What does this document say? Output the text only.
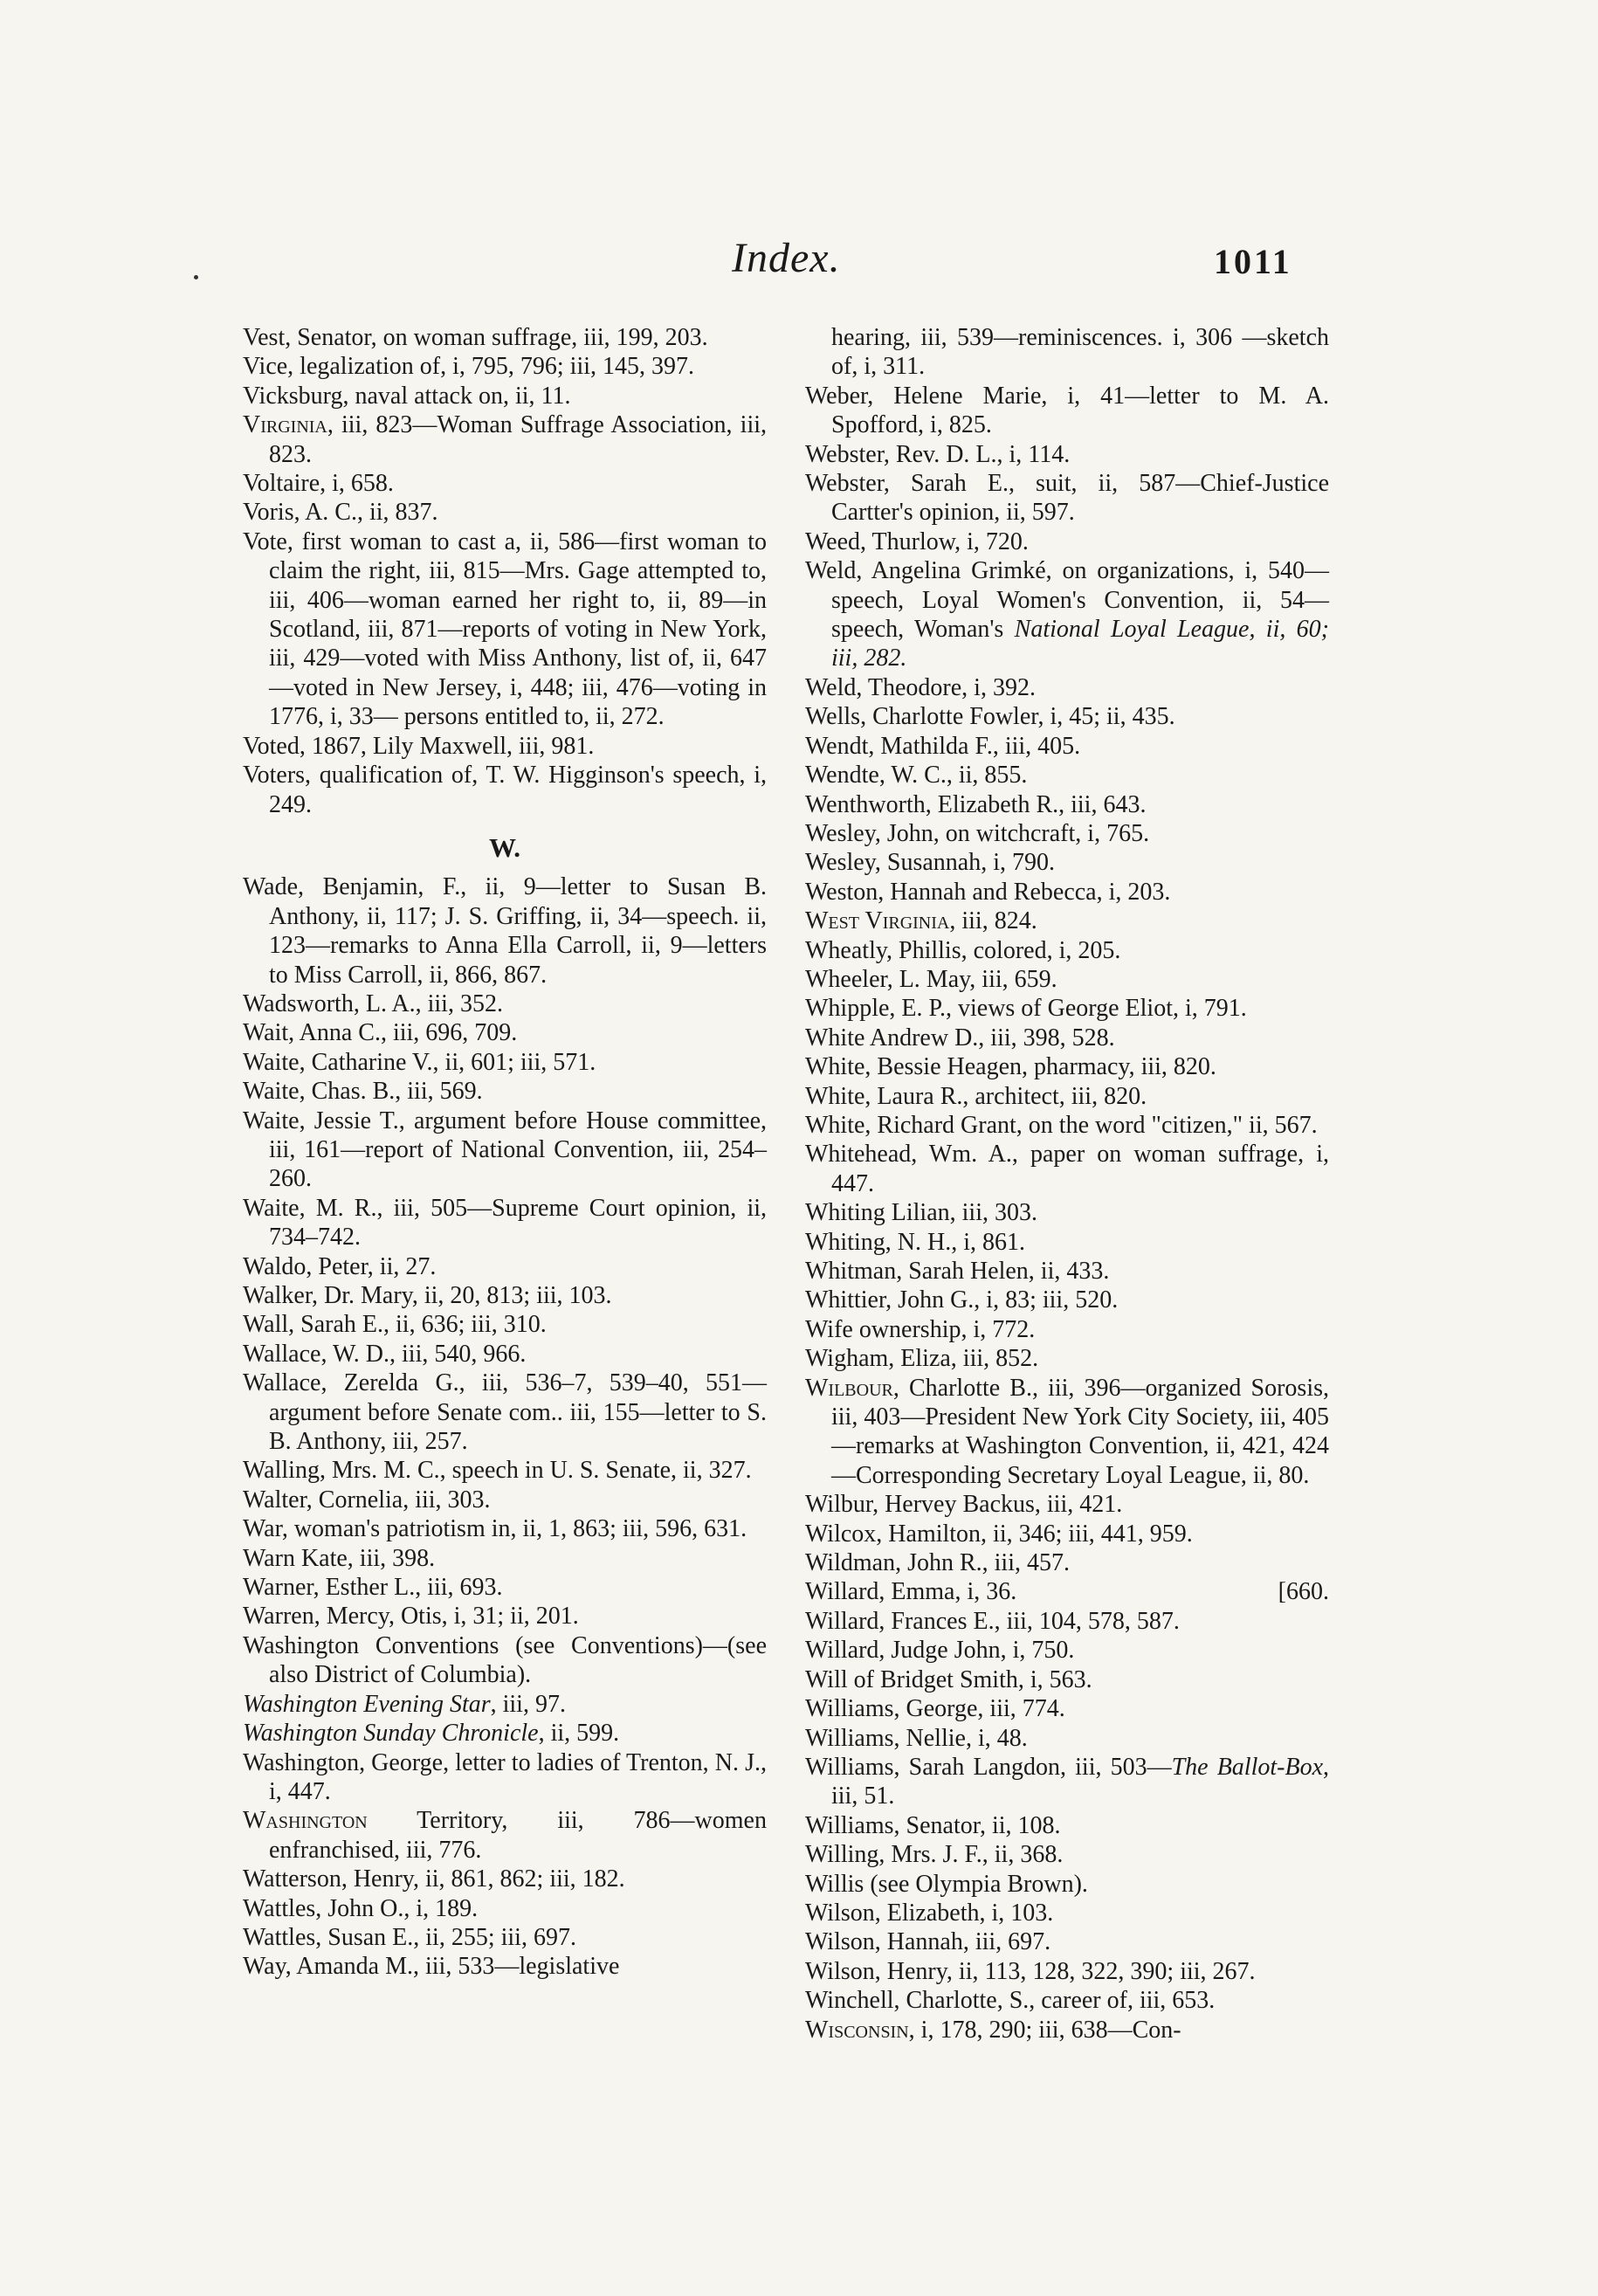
Index.	1011

Vest, Senator, on woman suffrage, iii, 199, 203.

Vice, legalization of, i, 795, 796; iii, 145, 397.

Vicksburg, naval attack on, ii, 11.

Virginia, iii, 823—Woman Suffrage Association, iii, 823.

Voltaire, i, 658.

Voris, A. C., ii, 837.

Vote, first woman to cast a, ii, 586—first woman to claim the right, iii, 815—Mrs. Gage attempted to, iii, 406—woman earned her right to, ii, 89—in Scotland, iii, 871—reports of voting in New York, iii, 429—voted with Miss Anthony, list of, ii, 647—voted in New Jersey, i, 448; iii, 476—voting in 1776, i, 33— persons entitled to, ii, 272.

Voted, 1867, Lily Maxwell, iii, 981.

Voters, qualification of, T. W. Higginson's speech, i, 249.

W.

Wade, Benjamin, F., ii, 9—letter to Susan B. Anthony, ii, 117; J. S. Griffing, ii, 34—speech. ii, 123—remarks to Anna Ella Carroll, ii, 9—letters to Miss Carroll, ii, 866, 867.

Wadsworth, L. A., iii, 352.

Wait, Anna C., iii, 696, 709.

Waite, Catharine V., ii, 601; iii, 571.

Waite, Chas. B., iii, 569.

Waite, Jessie T., argument before House committee, iii, 161—report of National Convention, iii, 254–260.

Waite, M. R., iii, 505—Supreme Court opinion, ii, 734–742.

Waldo, Peter, ii, 27.

Walker, Dr. Mary, ii, 20, 813; iii, 103.

Wall, Sarah E., ii, 636; iii, 310.

Wallace, W. D., iii, 540, 966.

Wallace, Zerelda G., iii, 536–7, 539–40, 551—argument before Senate com.. iii, 155—letter to S. B. Anthony, iii, 257.

Walling, Mrs. M. C., speech in U. S. Senate, ii, 327.

Walter, Cornelia, iii, 303.

War, woman's patriotism in, ii, 1, 863; iii, 596, 631.

Warn Kate, iii, 398.

Warner, Esther L., iii, 693.

Warren, Mercy, Otis, i, 31; ii, 201.

Washington Conventions (see Conventions)—(see also District of Columbia).

Washington Evening Star, iii, 97.

Washington Sunday Chronicle, ii, 599.

Washington, George, letter to ladies of Trenton, N. J., i, 447.

Washington Territory, iii, 786—women enfranchised, iii, 776.

Watterson, Henry, ii, 861, 862; iii, 182.

Wattles, John O., i, 189.

Wattles, Susan E., ii, 255; iii, 697.

Way, Amanda M., iii, 533—legislative

hearing, iii, 539—reminiscences. i, 306 —sketch of, i, 311.

Weber, Helene Marie, i, 41—letter to M. A. Spofford, i, 825.

Webster, Rev. D. L., i, 114.

Webster, Sarah E., suit, ii, 587—Chief-Justice Cartter's opinion, ii, 597.

Weed, Thurlow, i, 720.

Weld, Angelina Grimké, on organizations, i, 540—speech, Loyal Women's Convention, ii, 54—speech, Woman's National Loyal League, ii, 60; iii, 282.

Weld, Theodore, i, 392.

Wells, Charlotte Fowler, i, 45; ii, 435.

Wendt, Mathilda F., iii, 405.

Wendte, W. C., ii, 855.

Wenthworth, Elizabeth R., iii, 643.

Wesley, John, on witchcraft, i, 765.

Wesley, Susannah, i, 790.

Weston, Hannah and Rebecca, i, 203.

West Virginia, iii, 824.

Wheatly, Phillis, colored, i, 205.

Wheeler, L. May, iii, 659.

Whipple, E. P., views of George Eliot, i, 791.

White Andrew D., iii, 398, 528.

White, Bessie Heagen, pharmacy, iii, 820.

White, Laura R., architect, iii, 820.

White, Richard Grant, on the word "citizen," ii, 567.

Whitehead, Wm. A., paper on woman suffrage, i, 447.

Whiting Lilian, iii, 303.

Whiting, N. H., i, 861.

Whitman, Sarah Helen, ii, 433.

Whittier, John G., i, 83; iii, 520.

Wife ownership, i, 772.

Wigham, Eliza, iii, 852.

Wilbour, Charlotte B., iii, 396—organized Sorosis, iii, 403—President New York City Society, iii, 405—remarks at Washington Convention, ii, 421, 424—Corresponding Secretary Loyal League, ii, 80.

Wilbur, Hervey Backus, iii, 421.

Wilcox, Hamilton, ii, 346; iii, 441, 959.

Wildman, John R., iii, 457.

Willard, Emma, i, 36.	[660.

Willard, Frances E., iii, 104, 578, 587.

Willard, Judge John, i, 750.

Will of Bridget Smith, i, 563.

Williams, George, iii, 774.

Williams, Nellie, i, 48.

Williams, Sarah Langdon, iii, 503—The Ballot-Box, iii, 51.

Williams, Senator, ii, 108.

Willing, Mrs. J. F., ii, 368.

Willis (see Olympia Brown).

Wilson, Elizabeth, i, 103.

Wilson, Hannah, iii, 697.

Wilson, Henry, ii, 113, 128, 322, 390; iii, 267.

Winchell, Charlotte, S., career of, iii, 653.

Wisconsin, i, 178, 290; iii, 638—Con-
